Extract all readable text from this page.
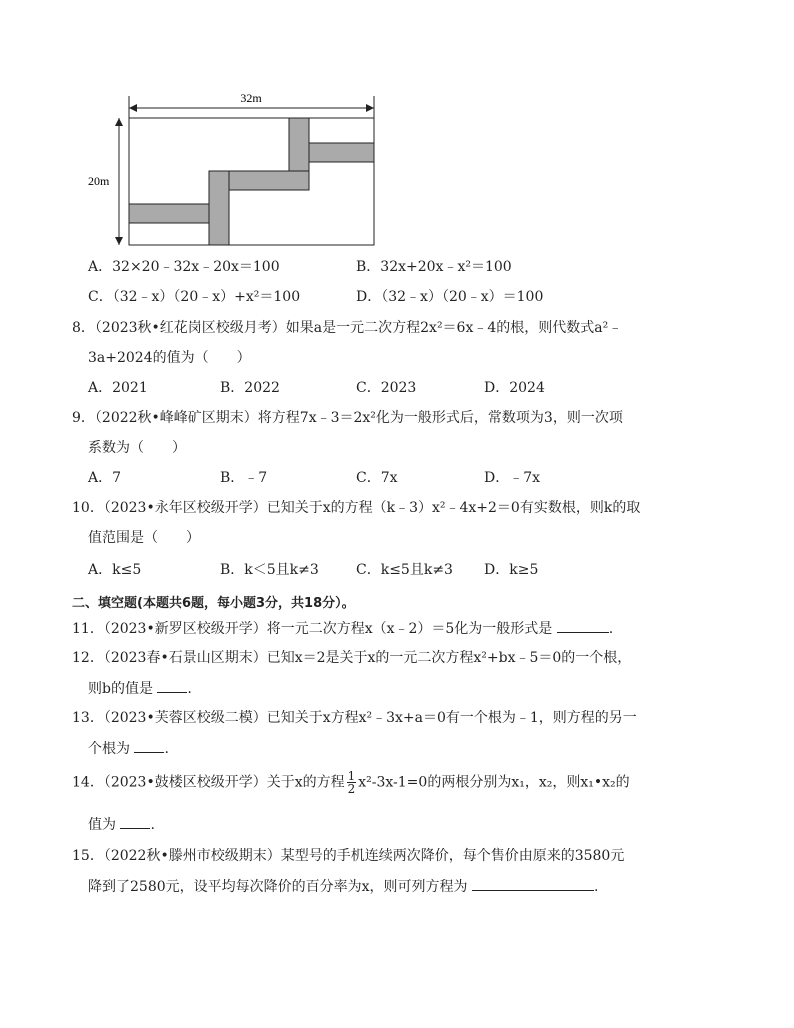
32m
20m
A．32×20﹣32x﹣20x＝100	B．32x+20x﹣x²＝100
C．（32﹣x）（20﹣x）+x²＝100	D．（32﹣x）（20﹣x）＝100
8．（2023秋•红花岗区校级月考）如果a是一元二次方程2x²＝6x﹣4的根，则代数式a²﹣
3a+2024的值为（　　）
A．2021	B．2022	C．2023	D．2024
9．（2022秋•峰峰矿区期末）将方程7x﹣3＝2x²化为一般形式后，常数项为3，则一次项
系数为（　　）
A．7	B．﹣7	C．7x	D．﹣7x
10．（2023•永年区校级开学）已知关于x的方程（k﹣3）x²﹣4x+2＝0有实数根，则k的取
值范围是（　　）
A．k≤5	B．k＜5且k≠3	C．k≤5且k≠3 D．k≥5
二、填空题(本题共6题，每小题3分，共18分）。
11．（2023•新罗区校级开学）将一元二次方程x（x﹣2）＝5化为一般形式是	.
12．（2023春•石景山区期末）已知x＝2是关于x的一元二次方程x²+bx﹣5＝0的一个根，
则b的值是 .
13．（2023•芙蓉区校级二模）已知关于x方程x²﹣3x+a＝0有一个根为﹣1，则方程的另一
个根为 .
14．（2023•鼓楼区校级开学）关于x的方程 $\frac{1}{2} x^2-3x-1=0$的两根分别为x₁，x₂，则x₁•x₂的
值为 .
15．（2022秋•滕州市校级期末）某型号的手机连续两次降价，每个售价由原来的3580元
降到了2580元，设平均每次降价的百分率为x，则可列方程为	.
